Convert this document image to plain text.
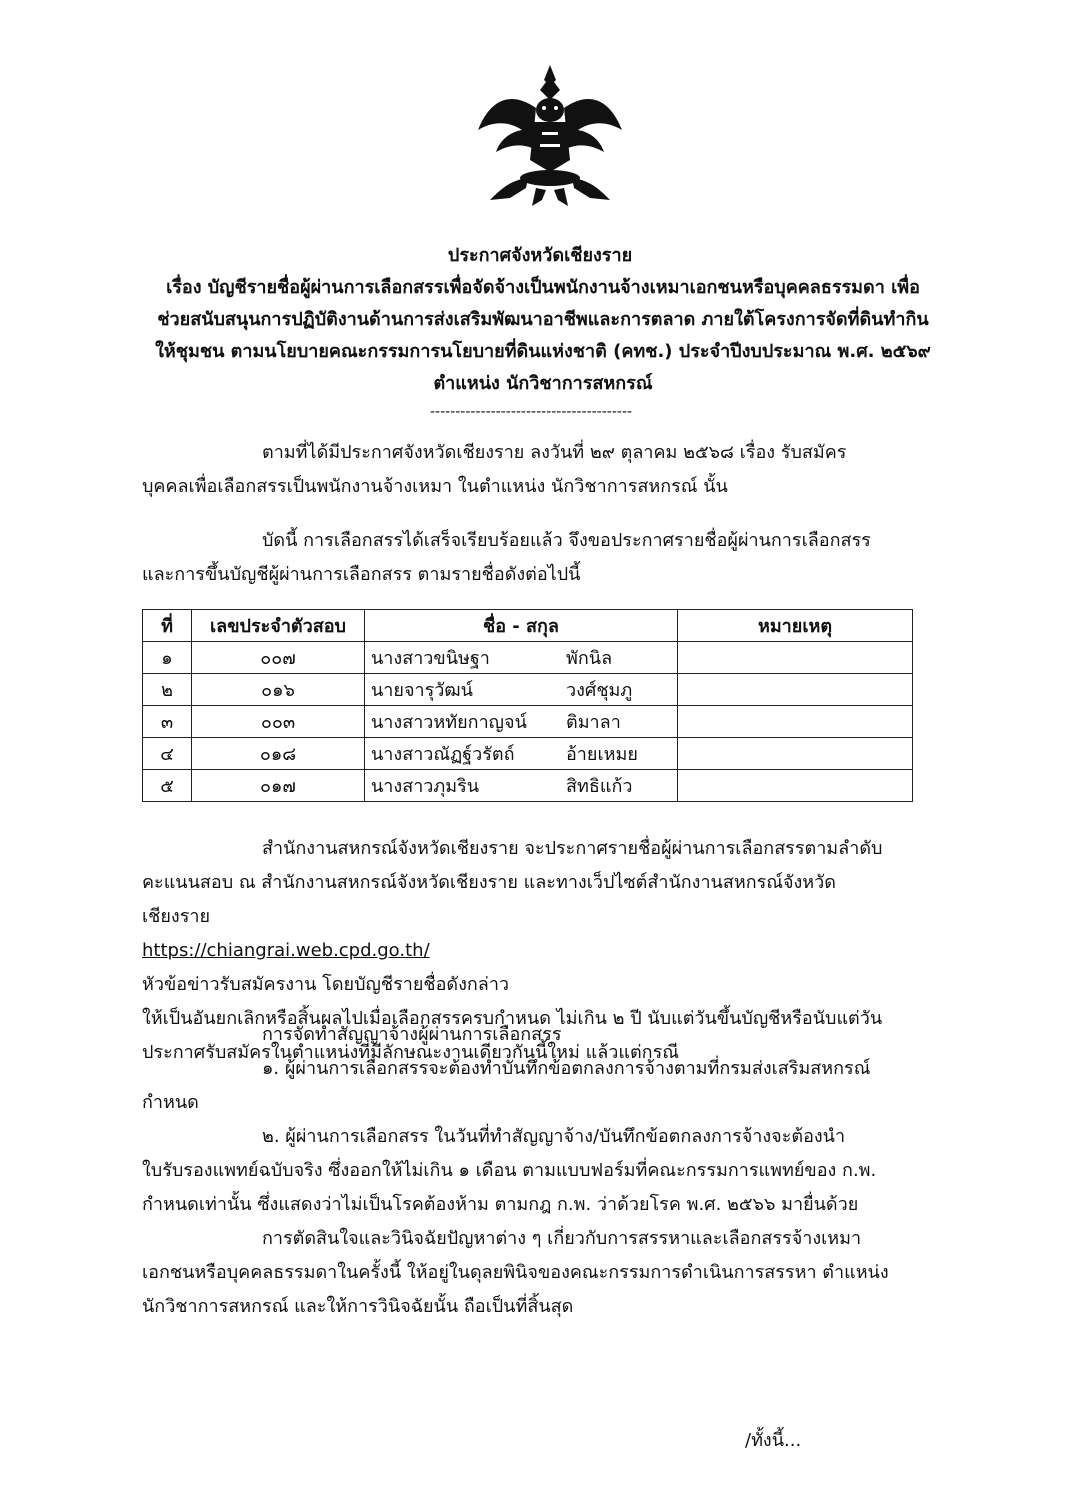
ประกาศจังหวัดเชียงราย
เรื่อง บัญชีรายชื่อผู้ผ่านการเลือกสรรเพื่อจัดจ้างเป็นพนักงานจ้างเหมาเอกชนหรือบุคคลธรรมดา เพื่อ
ช่วยสนับสนุนการปฏิบัติงานด้านการส่งเสริมพัฒนาอาชีพและการตลาด ภายใต้โครงการจัดที่ดินทำกิน
ให้ชุมชน ตามนโยบายคณะกรรมการนโยบายที่ดินแห่งชาติ (คทช.) ประจำปีงบประมาณ พ.ศ. ๒๕๖๙
ตำแหน่ง นักวิชาการสหกรณ์
----------------------------------------
ตามที่ได้มีประกาศจังหวัดเชียงราย ลงวันที่ ๒๙ ตุลาคม ๒๕๖๘ เรื่อง รับสมัคร
บุคคลเพื่อเลือกสรรเป็นพนักงานจ้างเหมา ในตำแหน่ง นักวิชาการสหกรณ์ นั้น
บัดนี้ การเลือกสรรได้เสร็จเรียบร้อยแล้ว จึงขอประกาศรายชื่อผู้ผ่านการเลือกสรร
และการขึ้นบัญชีผู้ผ่านการเลือกสรร ตามรายชื่อดังต่อไปนี้
ที่	เลขประจำตัวสอบ	ชื่อ - สกุล	หมายเหตุ
๑	๐๐๗	นางสาวขนิษฐา พักนิล	

๒	๐๑๖	นายจารุวัฒน์ วงศ์ชุมภู	

๓	๐๐๓	นางสาวหทัยกาญจน์ ติมาลา	

๔	๐๑๘	นางสาวณัฏฐ์วรัตถ์ อ้ายเหมย	

๕	๐๑๗	นางสาวภุมริน สิทธิแก้ว	

สำนักงานสหกรณ์จังหวัดเชียงราย จะประกาศรายชื่อผู้ผ่านการเลือกสรรตามลำดับ
คะแนนสอบ ณ สำนักงานสหกรณ์จังหวัดเชียงราย และทางเว็ปไซต์สำนักงานสหกรณ์จังหวัด
เชียงราย
https://chiangrai.web.cpd.go.th/
หัวข้อข่าวรับสมัครงาน โดยบัญชีรายชื่อดังกล่าว
ให้เป็นอันยกเลิกหรือสิ้นผลไปเมื่อเลือกสรรครบกำหนด ไม่เกิน ๒ ปี นับแต่วันขึ้นบัญชีหรือนับแต่วัน
ประกาศรับสมัครในตำแหน่งที่มีลักษณะงานเดียวกันนี้ใหม่ แล้วแต่กรณี
การจัดทำสัญญาจ้างผู้ผ่านการเลือกสรร
๑. ผู้ผ่านการเลือกสรรจะต้องทำบันทึกข้อตกลงการจ้างตามที่กรมส่งเสริมสหกรณ์
กำหนด
๒. ผู้ผ่านการเลือกสรร ในวันที่ทำสัญญาจ้าง/บันทึกข้อตกลงการจ้างจะต้องนำ
ใบรับรองแพทย์ฉบับจริง ซึ่งออกให้ไม่เกิน ๑ เดือน ตามแบบฟอร์มที่คณะกรรมการแพทย์ของ ก.พ.
กำหนดเท่านั้น ซึ่งแสดงว่าไม่เป็นโรคต้องห้าม ตามกฎ ก.พ. ว่าด้วยโรค พ.ศ. ๒๕๖๖ มายื่นด้วย
การตัดสินใจและวินิจฉัยปัญหาต่าง ๆ เกี่ยวกับการสรรหาและเลือกสรรจ้างเหมา
เอกชนหรือบุคคลธรรมดาในครั้งนี้ ให้อยู่ในดุลยพินิจของคณะกรรมการดำเนินการสรรหา ตำแหน่ง
นักวิชาการสหกรณ์ และให้การวินิจฉัยนั้น ถือเป็นที่สิ้นสุด
/ทั้งนี้...
